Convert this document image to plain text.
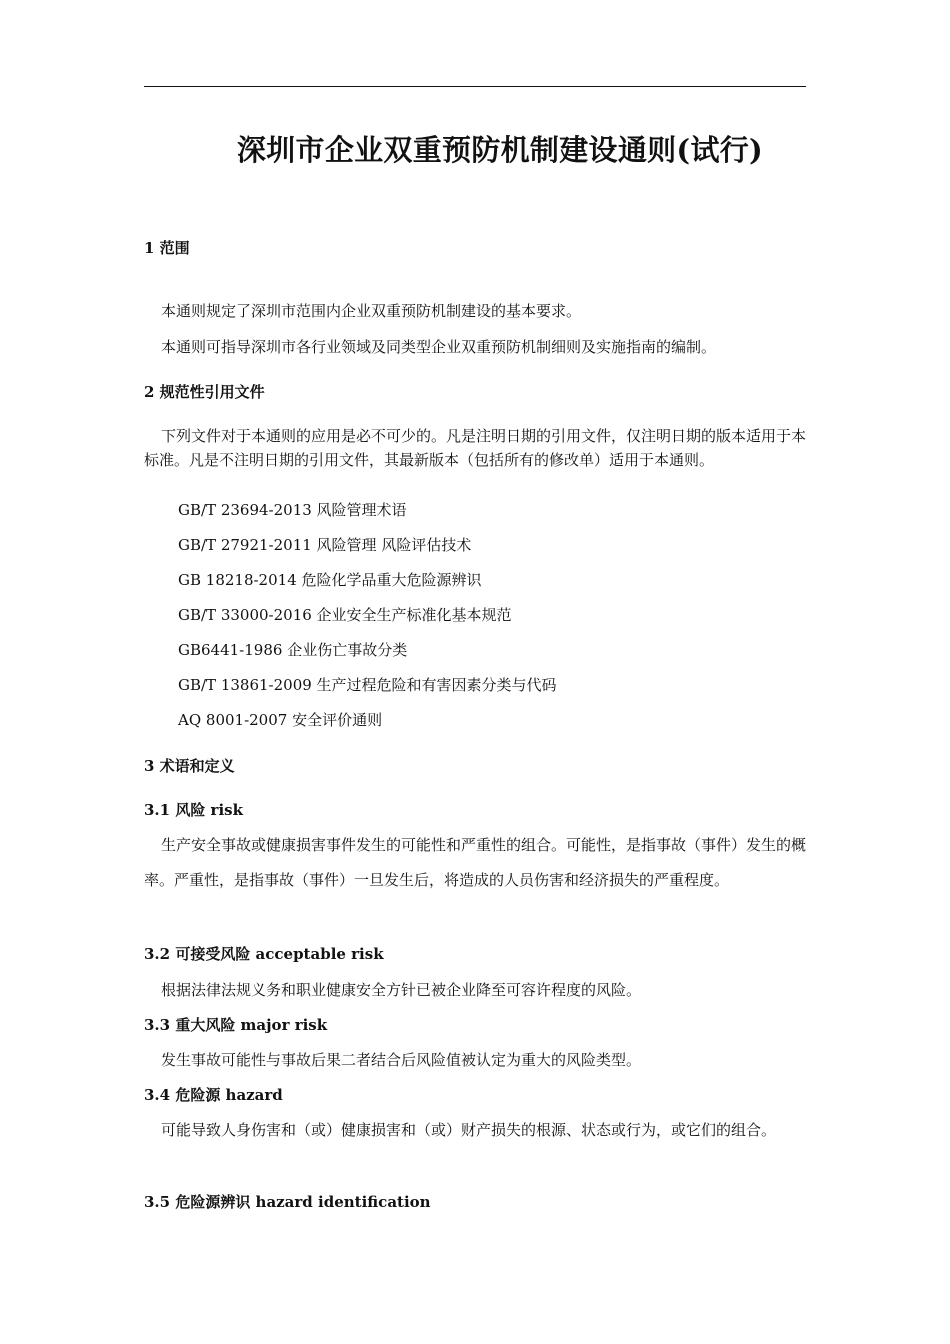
深圳市企业双重预防机制建设通则(试行)
1 范围
本通则规定了深圳市范围内企业双重预防机制建设的基本要求。
本通则可指导深圳市各行业领域及同类型企业双重预防机制细则及实施指南的编制。
2 规范性引用文件
下列文件对于本通则的应用是必不可少的。凡是注明日期的引用文件，仅注明日期的版本适用于本标准。凡是不注明日期的引用文件，其最新版本（包括所有的修改单）适用于本通则。
GB/T 23694-2013 风险管理术语
GB/T 27921-2011 风险管理 风险评估技术
GB 18218-2014 危险化学品重大危险源辨识
GB/T 33000-2016 企业安全生产标准化基本规范
GB6441-1986 企业伤亡事故分类
GB/T 13861-2009 生产过程危险和有害因素分类与代码
AQ 8001-2007 安全评价通则
3 术语和定义
3.1 风险 risk
生产安全事故或健康损害事件发生的可能性和严重性的组合。可能性，是指事故（事件）发生的概率。严重性，是指事故（事件）一旦发生后，将造成的人员伤害和经济损失的严重程度。
3.2 可接受风险 acceptable risk
根据法律法规义务和职业健康安全方针已被企业降至可容许程度的风险。
3.3 重大风险 major risk
发生事故可能性与事故后果二者结合后风险值被认定为重大的风险类型。
3.4 危险源 hazard
可能导致人身伤害和（或）健康损害和（或）财产损失的根源、状态或行为，或它们的组合。
3.5 危险源辨识 hazard identification
